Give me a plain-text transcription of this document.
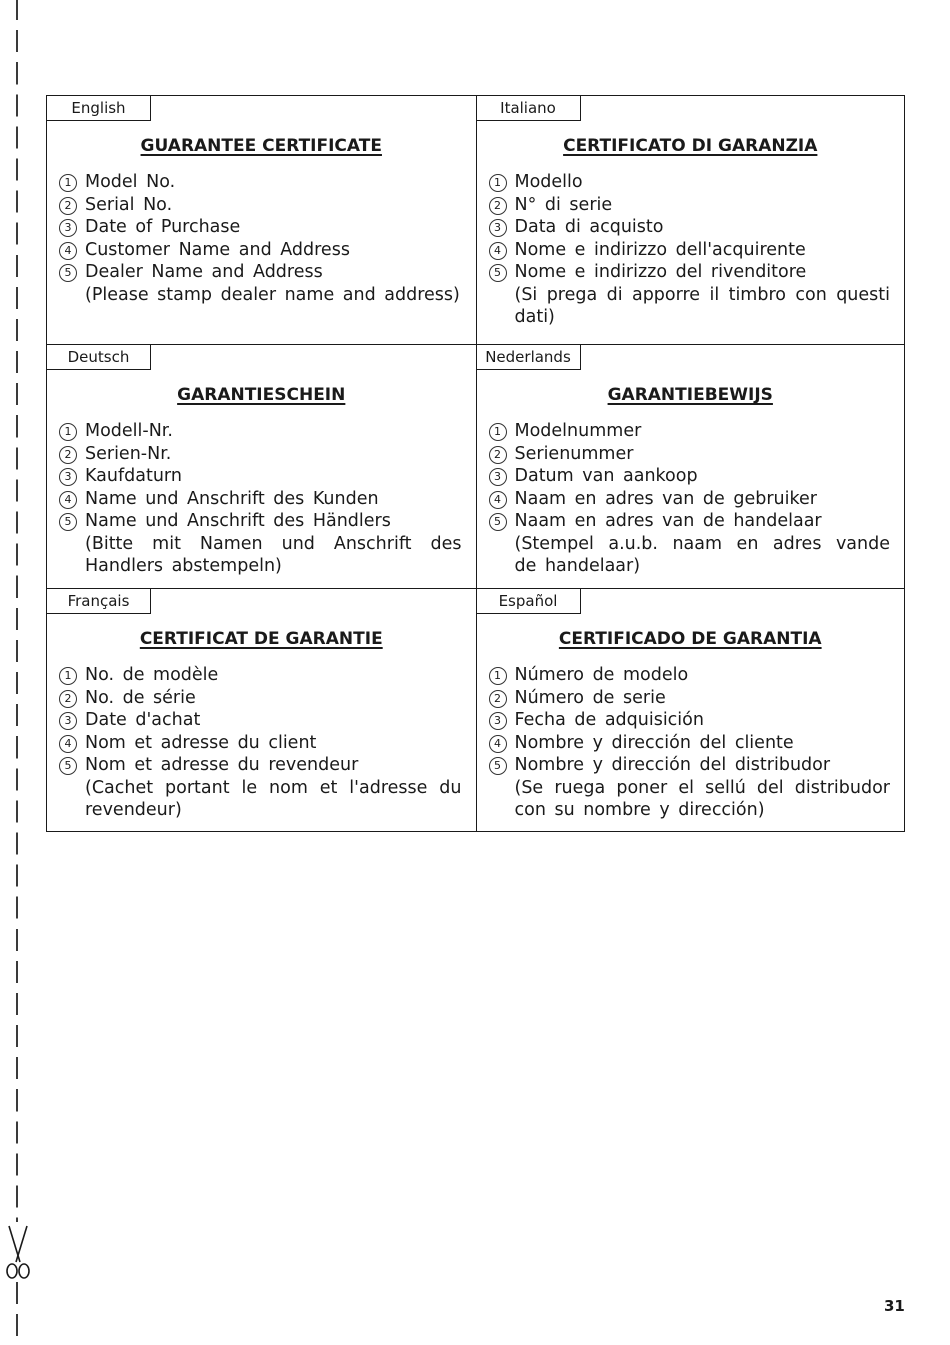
English
GUARANTEE CERTIFICATE
1 Model No.
2 Serial No.
3 Date of Purchase
4 Customer Name and Address
5 Dealer Name and Address
(Please stamp dealer name and address)
Italiano
CERTIFICATO DI GARANZIA
1 Modello
2 N° di serie
3 Data di acquisto
4 Nome e indirizzo dell'acquirente
5 Nome e indirizzo del rivenditore
(Si prega di apporre il timbro con questi dati)
Deutsch
GARANTIESCHEIN
1 Modell-Nr.
2 Serien-Nr.
3 Kaufdaturn
4 Name und Anschrift des Kunden
5 Name und Anschrift des Händlers
(Bitte mit Namen und Anschrift des Handlers abstempeln)
Nederlands
GARANTIEBEWIJS
1 Modelnummer
2 Serienummer
3 Datum van aankoop
4 Naam en adres van de gebruiker
5 Naam en adres van de handelaar
(Stempel a.u.b. naam en adres vande de handelaar)
Français
CERTIFICAT DE GARANTIE
1 No. de modèle
2 No. de série
3 Date d'achat
4 Nom et adresse du client
5 Nom et adresse du revendeur
(Cachet portant le nom et l'adresse du revendeur)
Español
CERTIFICADO DE GARANTIA
1 Número de modelo
2 Número de serie
3 Fecha de adquisición
4 Nombre y dirección del cliente
5 Nombre y dirección del distribudor
(Se ruega poner el sellú del distribudor con su nombre y dirección)
31
